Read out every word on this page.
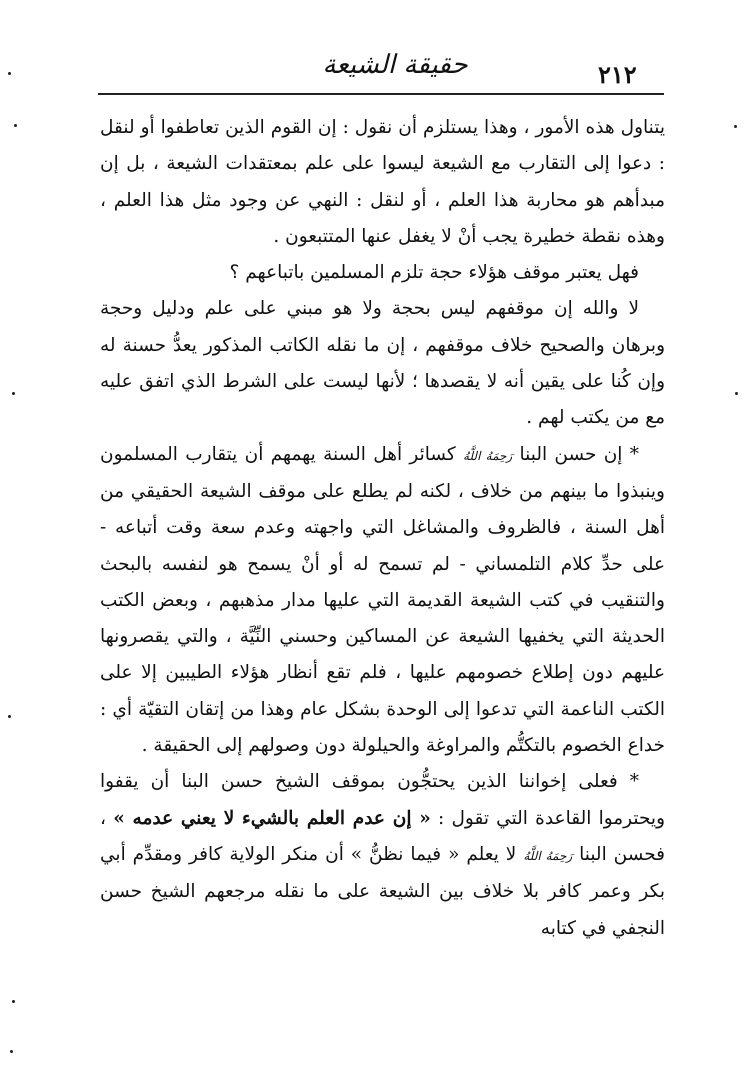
٢١٢
حقيقة الشيعة

يتناول هذه الأمور ، وهذا يستلزم أن نقول : إن القوم الذين تعاطفوا أو لنقل : دعوا إلى التقارب مع الشيعة ليسوا على علم بمعتقدات الشيعة ، بل إن مبدأهم هو محاربة هذا العلم ، أو لنقل : النهي عن وجود مثل هذا العلم ، وهذه نقطة خطيرة يجب أنْ لا يغفل عنها المتتبعون .

فهل يعتبر موقف هؤلاء حجة تلزم المسلمين باتباعهم ؟

لا والله إن موقفهم ليس بحجة ولا هو مبني على علم ودليل وحجة وبرهان والصحيح خلاف موقفهم ، إن ما نقله الكاتب المذكور يعدُّ حسنة له وإن كُنا على يقين أنه لا يقصدها ؛ لأنها ليست على الشرط الذي اتفق عليه مع من يكتب لهم .

* إن حسن البنا رَحِمَهُ اللَّهُ كسائر أهل السنة يهمهم أن يتقارب المسلمون وينبذوا ما بينهم من خلاف ، لكنه لم يطلع على موقف الشيعة الحقيقي من أهل السنة ، فالظروف والمشاغل التي واجهته وعدم سعة وقت أتباعه - على حدِّ كلام التلمساني - لم تسمح له أو أنْ يسمح هو لنفسه بالبحث والتنقيب في كتب الشيعة القديمة التي عليها مدار مذهبهم ، وبعض الكتب الحديثة التي يخفيها الشيعة عن المساكين وحسني النِّيَّة ، والتي يقصرونها عليهم دون إطلاع خصومهم عليها ، فلم تقع أنظار هؤلاء الطيبين إلا على الكتب الناعمة التي تدعوا إلى الوحدة بشكل عام وهذا من إتقان التقيّة أي : خداع الخصوم بالتكتُّم والمراوغة والحيلولة دون وصولهم إلى الحقيقة .

* فعلى إخواننا الذين يحتجُّون بموقف الشيخ حسن البنا أن يقفوا ويحترموا القاعدة التي تقول : « إن عدم العلم بالشيء لا يعني عدمه » ، فحسن البنا رَحِمَهُ اللَّهُ لا يعلم « فيما نظنُّ » أن منكر الولاية كافر ومقدِّم أبي بكر وعمر كافر بلا خلاف بين الشيعة على ما نقله مرجعهم الشيخ حسن النجفي في كتابه
